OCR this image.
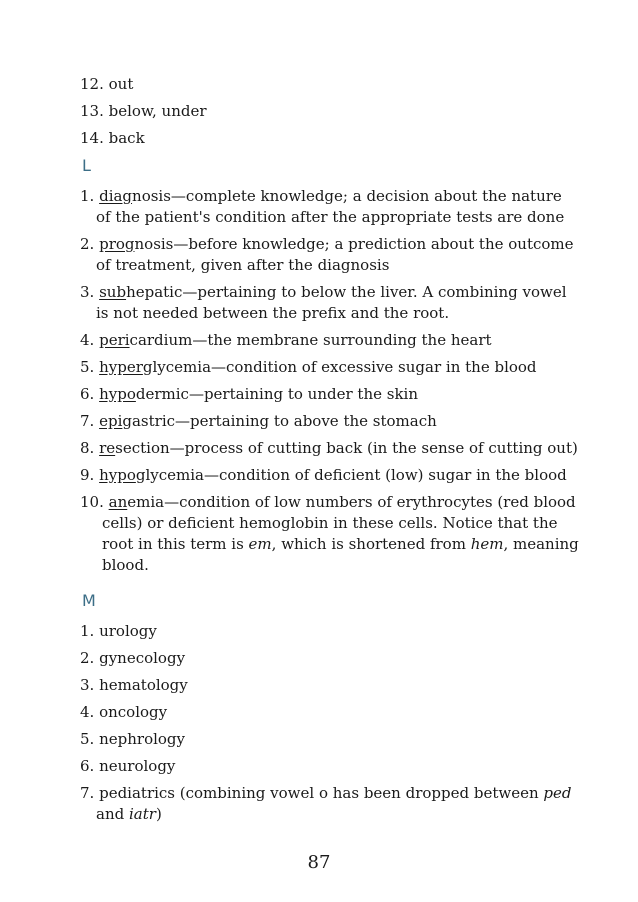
12. out
13. below, under
14. back
L
1. diagnosis—complete knowledge; a decision about the nature of the patient's condition after the appropriate tests are done
2. prognosis—before knowledge; a prediction about the outcome of treatment, given after the diagnosis
3. subhepatic—pertaining to below the liver. A combining vowel is not needed between the prefix and the root.
4. pericardium—the membrane surrounding the heart
5. hyperglycemia—condition of excessive sugar in the blood
6. hypodermic—pertaining to under the skin
7. epigastric—pertaining to above the stomach
8. resection—process of cutting back (in the sense of cutting out)
9. hypoglycemia—condition of deficient (low) sugar in the blood
10. anemia—condition of low numbers of erythrocytes (red blood cells) or deficient hemoglobin in these cells. Notice that the root in this term is em, which is shortened from hem, meaning blood.
M
1. urology
2. gynecology
3. hematology
4. oncology
5. nephrology
6. neurology
7. pediatrics (combining vowel o has been dropped between ped and iatr)
87
